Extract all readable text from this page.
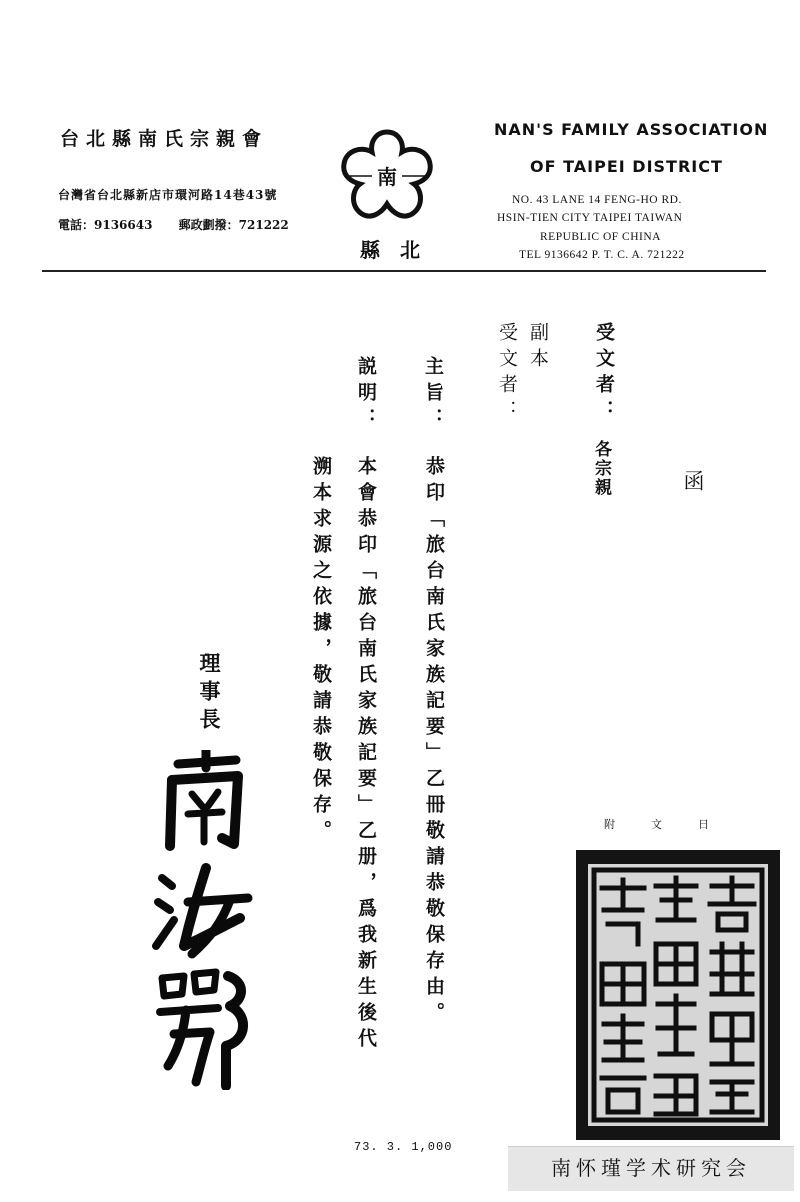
台北縣南氏宗親會
台灣省台北縣新店市環河路14巷43號
電話：9136643 郵政劃撥：721222
南
縣北
NAN'S FAMILY ASSOCIATION
OF TAIPEI DISTRICT
NO. 43 LANE 14 FENG-HO RD.
HSIN-TIEN CITY TAIPEI TAIWAN
REPUBLIC OF CHINA
TEL 9136642 P. T. C. A. 721222
受文者：
各宗親	函
副本
受文者：
主旨：
恭印「旅台南氏家族記要」乙冊敬請恭敬保存由。
説明：
本會恭印「旅台南氏家族記要」乙册，爲我新生後代
溯本求源之依據，敬請恭敬保存。
理事長
73. 3. 1,000
附文日
南怀瑾学术研究会
